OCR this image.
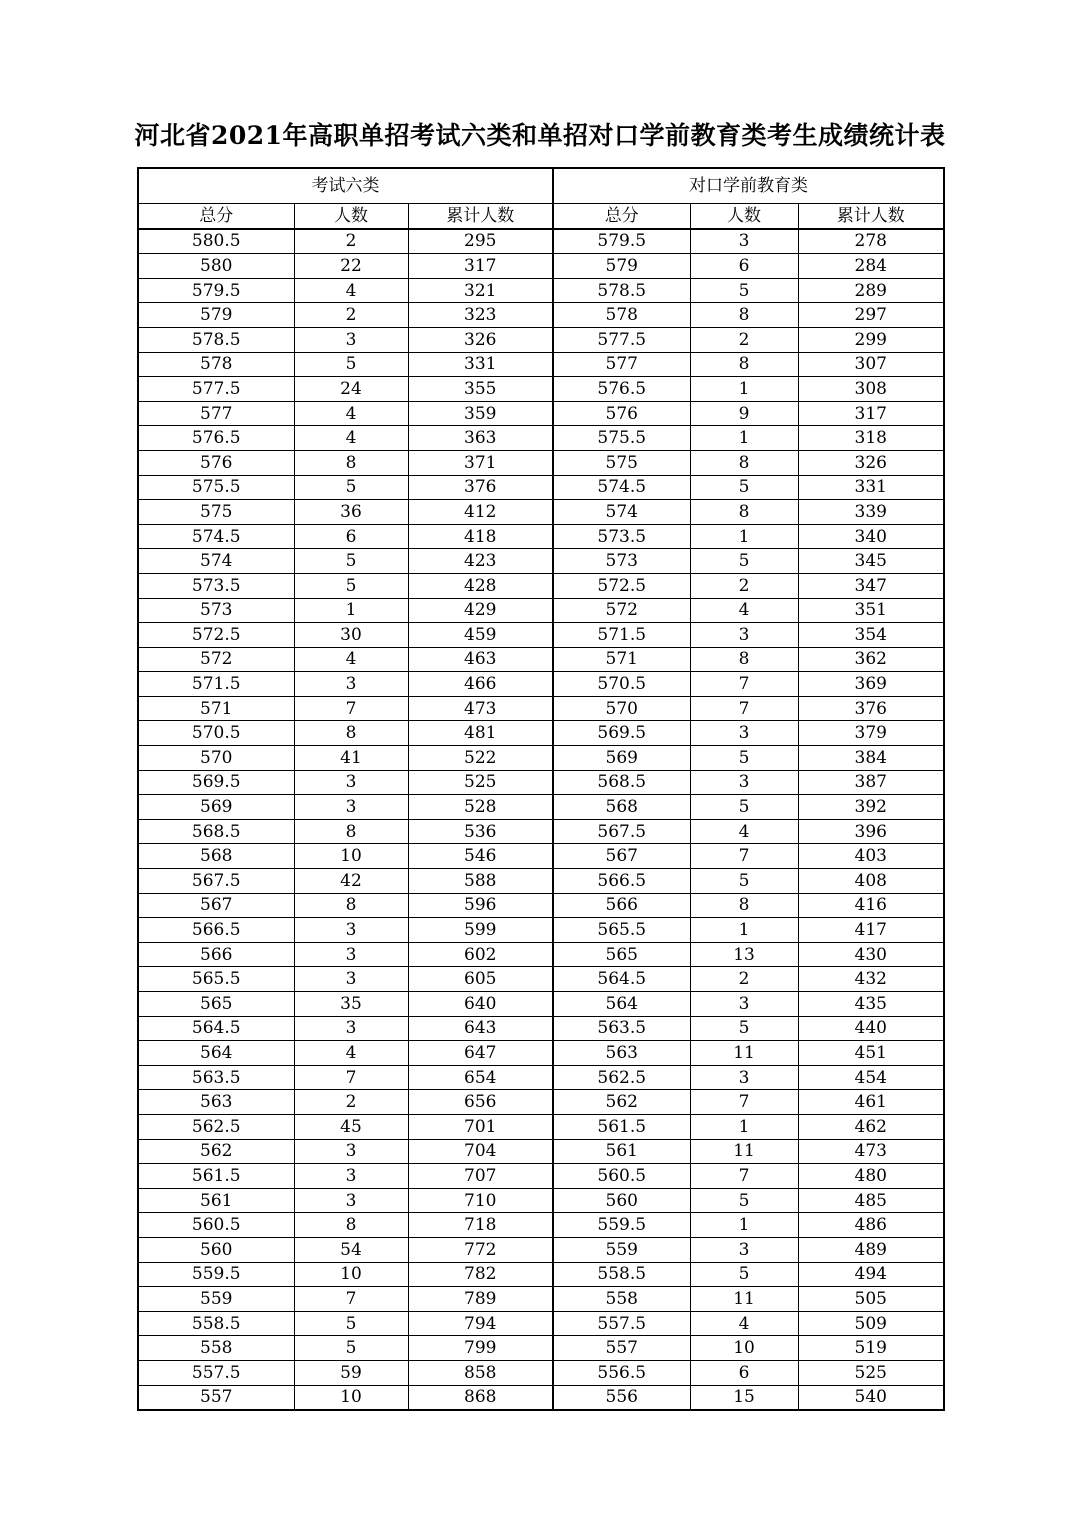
河北省2021年高职单招考试六类和单招对口学前教育类考生成绩统计表
考试六类			对口学前教育类		
总分	人数	累计人数	总分	人数	累计人数
580.5	2	295	579.5	3	278
580	22	317	579	6	284
579.5	4	321	578.5	5	289
579	2	323	578	8	297
578.5	3	326	577.5	2	299
578	5	331	577	8	307
577.5	24	355	576.5	1	308
577	4	359	576	9	317
576.5	4	363	575.5	1	318
576	8	371	575	8	326
575.5	5	376	574.5	5	331
575	36	412	574	8	339
574.5	6	418	573.5	1	340
574	5	423	573	5	345
573.5	5	428	572.5	2	347
573	1	429	572	4	351
572.5	30	459	571.5	3	354
572	4	463	571	8	362
571.5	3	466	570.5	7	369
571	7	473	570	7	376
570.5	8	481	569.5	3	379
570	41	522	569	5	384
569.5	3	525	568.5	3	387
569	3	528	568	5	392
568.5	8	536	567.5	4	396
568	10	546	567	7	403
567.5	42	588	566.5	5	408
567	8	596	566	8	416
566.5	3	599	565.5	1	417
566	3	602	565	13	430
565.5	3	605	564.5	2	432
565	35	640	564	3	435
564.5	3	643	563.5	5	440
564	4	647	563	11	451
563.5	7	654	562.5	3	454
563	2	656	562	7	461
562.5	45	701	561.5	1	462
562	3	704	561	11	473
561.5	3	707	560.5	7	480
561	3	710	560	5	485
560.5	8	718	559.5	1	486
560	54	772	559	3	489
559.5	10	782	558.5	5	494
559	7	789	558	11	505
558.5	5	794	557.5	4	509
558	5	799	557	10	519
557.5	59	858	556.5	6	525
557	10	868	556	15	540
